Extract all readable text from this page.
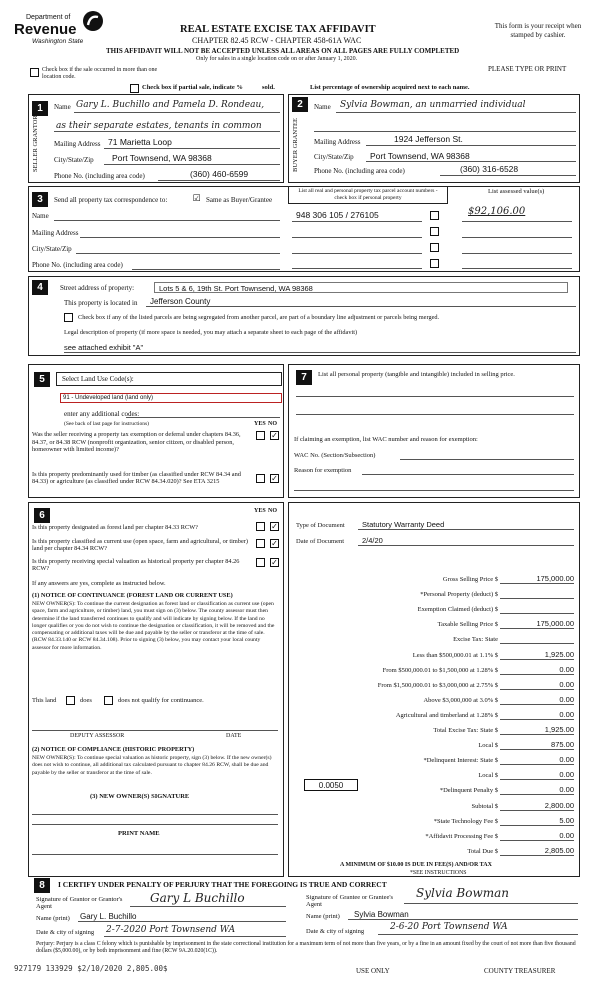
Department of
Revenue
Washington State
REAL ESTATE EXCISE TAX AFFIDAVIT
CHAPTER 82.45 RCW - CHAPTER 458-61A WAC
THIS AFFIDAVIT WILL NOT BE ACCEPTED UNLESS ALL AREAS ON ALL PAGES ARE FULLY COMPLETED
Only for sales in a single location code on or after January 1, 2020.
This form is your receipt when stamped by cashier.
PLEASE TYPE OR PRINT
Check box if the sale occurred in more than one location code.
Check box if partial sale, indicate %	sold.	List percentage of ownership acquired next to each name.
1	2
SELLER GRANTOR	BUYER GRANTEE
Name Gary L. Buchillo and Pamela D. Rondeau,
as their separate estates, tenants in common
Mailing Address 71 Marietta Loop
City/State/Zip Port Townsend, WA 98368
Phone No. (including area code)	(360) 460-6599
Name Sylvia Bowman, an unmarried individual
Mailing Address	1924 Jefferson St.
City/State/Zip Port Townsend, WA 98368
Phone No. (including area code)	(360) 316-6528
3	Send all property tax correspondence to:	☑ Same as Buyer/Grantee
Name
Mailing Address
City/State/Zip
Phone No. (including area code)
List all real and personal property tax parcel account numbers - check box if personal property
List assessed value(s)
948 306 105 / 276105	$92,106.00
4	Street address of property:	Lots 5 & 6, 19th St. Port Townsend, WA 98368
This property is located in Jefferson County
Check box if any of the listed parcels are being segregated from another parcel, are part of a boundary line adjustment or parcels being merged.
Legal description of property (if more space is needed, you may attach a separate sheet to each page of the affidavit)
see attached exhibit "A"
5	Select Land Use Code(s):
91 - Undeveloped land (land only)
enter any additional codes:
(See back of last page for instructions)	YES NO
Was the seller receiving a property tax exemption or deferral under chapters 84.36, 84.37, or 84.38 RCW (nonprofit organization, senior citizen, or disabled person, homeowner with limited income)?
✓
Is this property predominantly used for timber (as classified under RCW 84.34 and 84.33) or agriculture (as classified under RCW 84.34.020)? See ETA 3215	✓
7	List all personal property (tangible and intangible) included in selling price.
If claiming an exemption, list WAC number and reason for exemption:
WAC No. (Section/Subsection)
Reason for exemption
6	YES NO
Is this property designated as forest land per chapter 84.33 RCW?	✓
Is this property classified as current use (open space, farm and agricultural, or timber) land per chapter 84.34 RCW?
✓
Is this property receiving special valuation as historical property per chapter 84.26 RCW?
✓
If any answers are yes, complete as instructed below.
(1) NOTICE OF CONTINUANCE (FOREST LAND OR CURRENT USE)
NEW OWNER(S): To continue the current designation as forest land or classification as current use (open space, farm and agriculture, or timber) land, you must sign on (3) below. The county assessor must then determine if the land transferred continues to qualify and will indicate by signing below. If the land no longer qualifies or you do not wish to continue the designation or classification, it will be removed and the compensating or additional taxes will be due and payable by the seller or transferor at the time of sale. (RCW 84.33.140 or RCW 84.34.108). Prior to signing (3) below, you may contact your local county assessor for more information.
This land	does	does not qualify for continuance.
DEPUTY ASSESSOR	DATE
(2) NOTICE OF COMPLIANCE (HISTORIC PROPERTY)
NEW OWNER(S): To continue special valuation as historic property, sign (3) below. If the new owner(s) does not wish to continue, all additional tax calculated pursuant to chapter 84.26 RCW, shall be due and payable by the seller or transferor at the time of sale.
(3) NEW OWNER(S) SIGNATURE
PRINT NAME
Type of Document Statutory Warranty Deed
Date of Document 2/4/20
Gross Selling Price $	175,000.00
*Personal Property (deduct) $
Exemption Claimed (deduct) $
Taxable Selling Price $	175,000.00
Excise Tax: State
Less than $500,000.01 at 1.1% $	1,925.00
From $500,000.01 to $1,500,000 at 1.28% $	0.00
From $1,500,000.01 to $3,000,000 at 2.75% $	0.00
Above $3,000,000 at 3.0% $	0.00
Agricultural and timberland at 1.28% $	0.00
Total Excise Tax: State $	1,925.00
Local $	875.00
*Delinquent Interest: State $	0.00
Local $	0.00
*Delinquent Penalty $	0.00
Subtotal $	2,800.00
*State Technology Fee $	5.00
*Affidavit Processing Fee $	0.00
Total Due $	2,805.00
0.0050
A MINIMUM OF $10.00 IS DUE IN FEE(S) AND/OR TAX
*SEE INSTRUCTIONS
8	I CERTIFY UNDER PENALTY OF PERJURY THAT THE FOREGOING IS TRUE AND CORRECT
Signature of Grantor or Grantor's Agent
Gary L Buchillo
Name (print) Gary L. Buchillo
Date & city of signing 2-7-2020 Port Townsend WA
Signature of Grantee or Grantee's Agent
Sylvia Bowman
Name (print) Sylvia Bowman
Date & city of signing	2-6-20 Port Townsend WA
Perjury: Perjury is a class C felony which is punishable by imprisonment in the state correctional institution for a maximum term of not more than five years, or by a fine in an amount fixed by the court of not more than five thousand dollars ($5,000.00), or by both imprisonment and fine (RCW 9A.20.020(1C)).
927179 133929 $2/10/2020 2,805.00$	USE ONLY	COUNTY TREASURER
